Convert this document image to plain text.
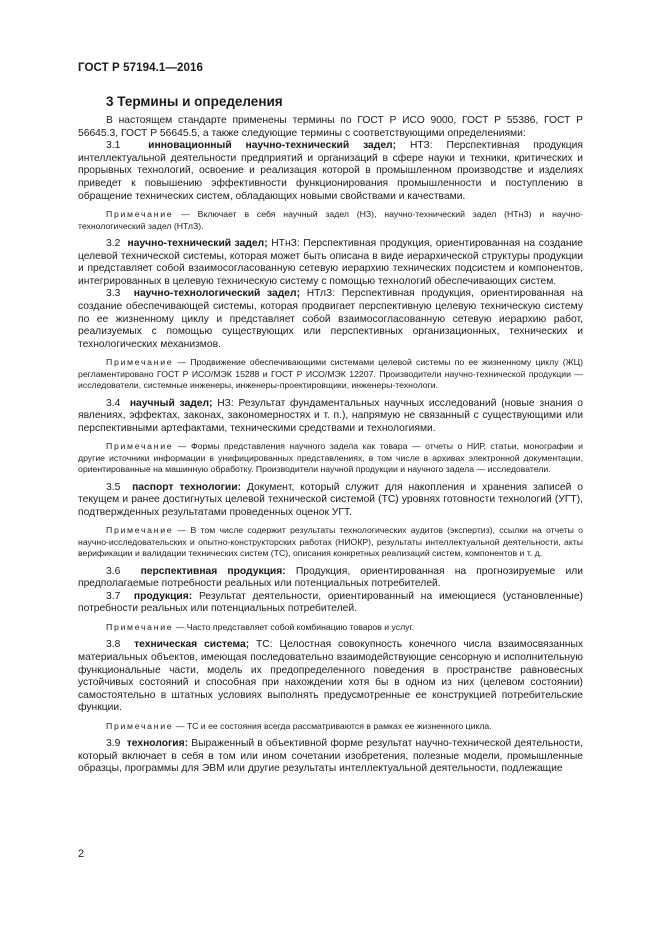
ГОСТ Р 57194.1—2016
3 Термины и определения

В настоящем стандарте применены термины по ГОСТ Р ИСО 9000, ГОСТ Р 55386, ГОСТ Р 56645.3, ГОСТ Р 56645.5, а также следующие термины с соответствующими определениями:

3.1	инновационный научно-технический задел; НТЗ: Перспективная продукция интеллектуальной деятельности предприятий и организаций в сфере науки и техники, критических и прорывных технологий, освоение и реализация которой в промышленном производстве и изделиях приведет к повышению эффективности функционирования промышленности и поступлению в обращение технических систем, обладающих новыми свойствами и качествами.

Примечание — Включает в себя научный задел (НЗ), научно-технический задел (НТнЗ) и научно-технологический задел (НТлЗ).

3.2 научно-технический задел; НТнЗ: Перспективная продукция, ориентированная на создание целевой технической системы, которая может быть описана в виде иерархической структуры продукции и представляет собой взаимосогласованную сетевую иерархию технических подсистем и компонентов, интегрированных в целевую техническую систему с помощью технологий обеспечивающих систем.

3.3 научно-технологический задел; НТлЗ: Перспективная продукция, ориентированная на создание обеспечивающей системы, которая продвигает перспективную целевую техническую систему по ее жизненному циклу и представляет собой взаимосогласованную сетевую иерархию работ, реализуемых с помощью существующих или перспективных организационных, технических и технологических механизмов.

Примечание — Продвижение обеспечивающими системами целевой системы по ее жизненному циклу (ЖЦ) регламентировано ГОСТ Р ИСО/МЭК 15288 и ГОСТ Р ИСО/МЭК 12207. Производители научно-технической продукции — исследователи, системные инженеры, инженеры-проектировщики, инженеры-технологи.

3.4 научный задел; НЗ: Результат фундаментальных научных исследований (новые знания о явлениях, эффектах, законах, закономерностях и т. п.), напрямую не связанный с существующими или перспективными артефактами, техническими средствами и технологиями.

Примечание — Формы представления научного задела как товара — отчеты о НИР, статьи, монографии и другие источники информации в унифицированных представлениях, в том числе в архивах электронной документации, ориентированные на машинную обработку. Производители научной продукции и научного задела — исследователи.

3.5 паспорт технологии: Документ, который служит для накопления и хранения записей о текущем и ранее достигнутых целевой технической системой (ТС) уровнях готовности технологий (УГТ), подтвержденных результатами проведенных оценок УГТ.

Примечание — В том числе содержит результаты технологических аудитов (экспертиз), ссылки на отчеты о научно-исследовательских и опытно-конструкторских работах (НИОКР), результаты интеллектуальной деятельности, акты верификации и валидации технических систем (ТС), описания конкретных реализаций систем, компонентов и т. д.

3.6 перспективная продукция: Продукция, ориентированная на прогнозируемые или предполагаемые потребности реальных или потенциальных потребителей.

3.7 продукция: Результат деятельности, ориентированный на имеющиеся (установленные) потребности реальных или потенциальных потребителей.

Примечание — Часто представляет собой комбинацию товаров и услуг.

3.8 техническая система; ТС: Целостная совокупность конечного числа взаимосвязанных материальных объектов, имеющая последовательно взаимодействующие сенсорную и исполнительную функциональные части, модель их предопределенного поведения в пространстве равновесных устойчивых состояний и способная при нахождении хотя бы в одном из них (целевом состоянии) самостоятельно в штатных условиях выполнять предусмотренные ее конструкцией потребительские функции.

Примечание — ТС и ее состояния всегда рассматриваются в рамках ее жизненного цикла.

3.9 технология: Выраженный в объективной форме результат научно-технической деятельности, который включает в себя в том или ином сочетании изобретения, полезные модели, промышленные образцы, программы для ЭВМ или другие результаты интеллектуальной деятельности, подлежащие

2
